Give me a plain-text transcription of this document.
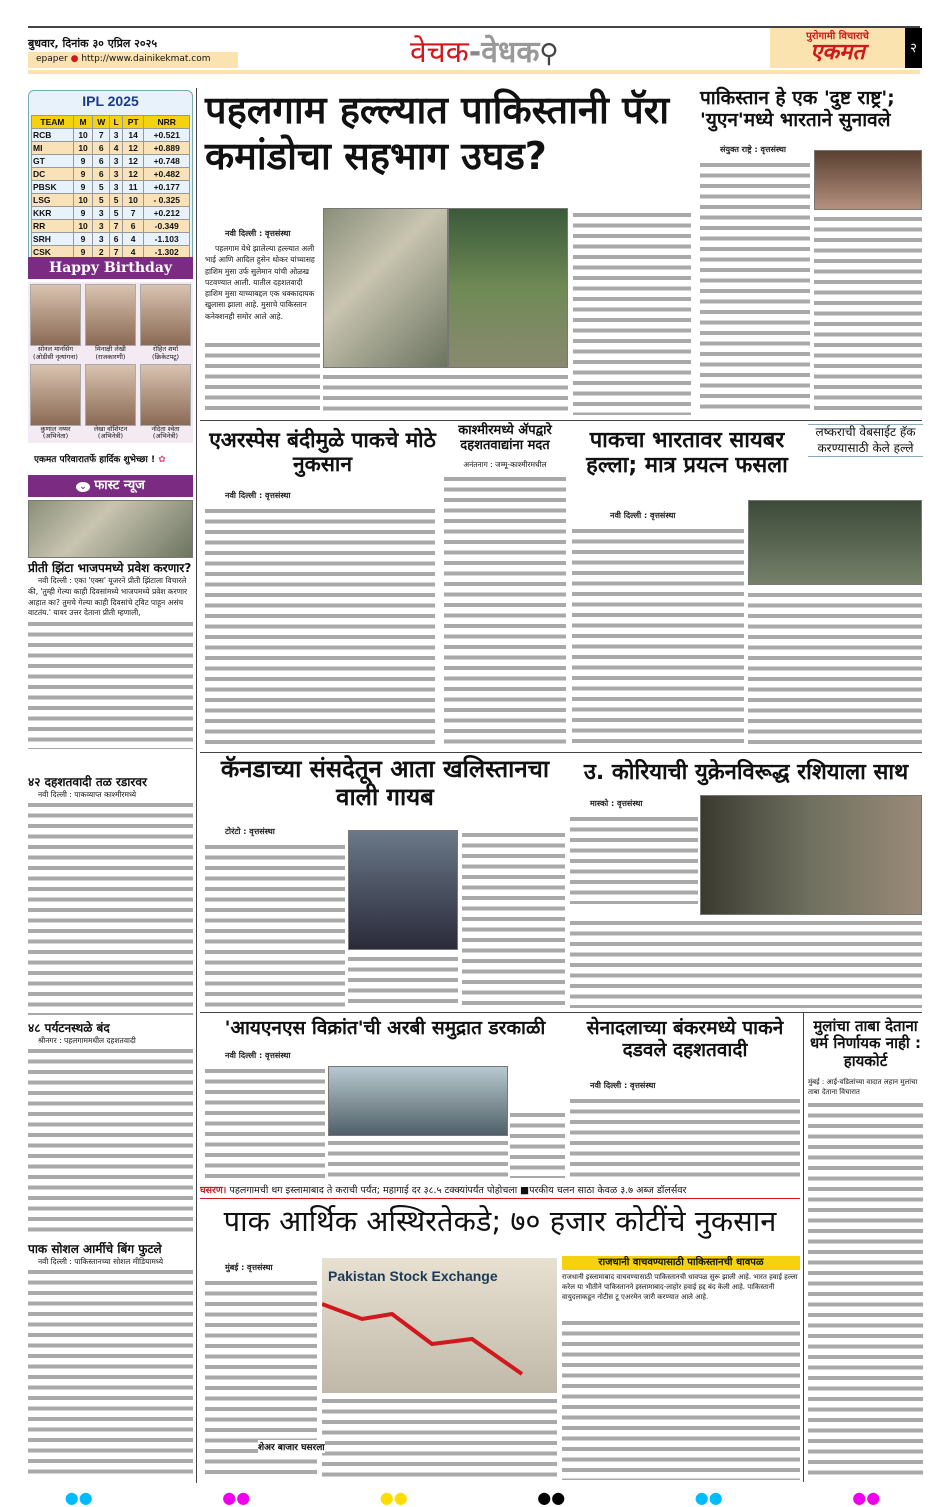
बुधवार, दिनांक ३० एप्रिल २०२५
epaper ● http://www.dainikekmat.com	वेचक-वेधक⚲
पुरोगामी विचाराचे
एकमत	२
IPL 2025
TEAM	M	W	L	PT	NRR
RCB	10	7	3	14	+0.521
MI	10	6	4	12	+0.889
GT	9	6	3	12	+0.748
DC	9	6	3	12	+0.482
PBSK	9	5	3	11	+0.177
LSG	10	5	5	10	- 0.325
KKR	9	3	5	7	+0.212
RR	10	3	7	6	-0.349
SRH	9	3	6	4	-1.103
CSK	9	2	7	4	-1.302
Happy Birthday
सोनल मानसिंग
(ओडीसी नृत्यांगना)
मिनाक्षी लेखी
(राजकारणी)
रोहित शर्मा
(क्रिकेटपटू)
कुणाल नय्यर
(अभिनेता)
लेखा वॉशिंग्टन
(अभिनेत्री)
नंदिता श्वेता
(अभिनेत्री)
एकमत परिवारातर्फे हार्दिक शुभेच्छा ! ✿
⌄ फास्ट न्यूज
प्रीती झिंटा भाजपमध्ये प्रवेश करणार?
नवी दिल्ली : एका 'एक्स' यूजरने प्रीती झिंटाला विचारले की, 'तुम्ही गेल्या काही दिवसांमध्ये भाजपमध्ये प्रवेश करणार आहात का? तुमचे गेल्या काही दिवसांचे ट्विट पाहून असंच वाटतंय.' यावर उत्तर देताना प्रीती म्हणाली,
४२ दहशतवादी तळ रडारवर
नवी दिल्ली : पाकव्याप्त काश्मीरमध्ये
४८ पर्यटनस्थळे बंद
श्रीनगर : पहलगाममधील दहशतवादी
पाक सोशल आर्मीचे बिंग फुटले
नवी दिल्ली : पाकिस्तानच्या सोशल मीडियामध्ये
पहलगाम हल्ल्यात पाकिस्तानी पॅरा कमांडोचा सहभाग उघड?
नवी दिल्ली : वृत्तसंस्था
पहलगाम येथे झालेल्या हल्ल्यात अली भाई आणि आदिल हुसेन थोकर यांच्यासह हाशिम मुसा उर्फ सुलेमान यांची ओळख पटवण्यात आली. यातील दहशतवादी हाशिम मुसा याच्याबद्दल एक धक्कादायक खुलासा झाला आहे. मुसाचे पाकिस्तान कनेक्शनही समोर आले आहे.
पाकिस्तान हे एक 'दुष्ट राष्ट्र'; 'युएन'मध्ये भारताने सुनावले
संयुक्त राष्ट्रे : वृत्तसंस्था
एअरस्पेस बंदीमुळे पाकचे मोठे नुकसान
नवी दिल्ली : वृत्तसंस्था
काश्मीरमध्ये ॲपद्वारे दहशतवाद्यांना मदत
अनंतनाग : जम्मू-काश्मीरमधील
पाकचा भारतावर सायबर हल्ला; मात्र प्रयत्न फसला
नवी दिल्ली : वृत्तसंस्था
लष्कराची वेबसाईट हॅक करण्यासाठी केले हल्ले
कॅनडाच्या संसदेतून आता खलिस्तानचा वाली गायब
टोरंटो : वृत्तसंस्था
उ. कोरियाची युक्रेनविरूद्ध रशियाला साथ
मास्को : वृत्तसंस्था
'आयएनएस विक्रांत'ची अरबी समुद्रात डरकाळी
नवी दिल्ली : वृत्तसंस्था
सेनादलाच्या बंकरमध्ये पाकने दडवले दहशतवादी
नवी दिल्ली : वृत्तसंस्था
मुलांचा ताबा देताना धर्म निर्णायक नाही : हायकोर्ट
मुंबई : आई-वडिलांच्या वादात लहान मुलांचा ताबा देताना विचारात
घसरण। पहलगामची धग इस्लामाबाद ते कराची पर्यंत; महागाई दर ३८.५ टक्क्यांपर्यंत पोहोचला ■परकीय चलन साठा केवळ ३.७ अब्ज डॉलर्सवर
पाक आर्थिक अस्थिरतेकडे; ७० हजार कोटींचे नुकसान
मुंबई : वृत्तसंस्था
Pakistan Stock Exchange
शेअर बाजार घसरला
राजधानी वाचवण्यासाठी पाकिस्तानची धावपळ
राजधानी इस्लामाबाद वाचवण्यासाठी पाकिस्तानची धावपळ सुरू झाली आहे. भारत हवाई हल्ला करेल या भीतीने पाकिस्तानने इस्लामाबाद-लाहोर हवाई हद्द बंद केली आहे. पाकिस्तानी वायुदलाकडून नोटीस टू एअरमेन जारी करण्यात आले आहे.
●●	●●	●●	●●	●●	●●
